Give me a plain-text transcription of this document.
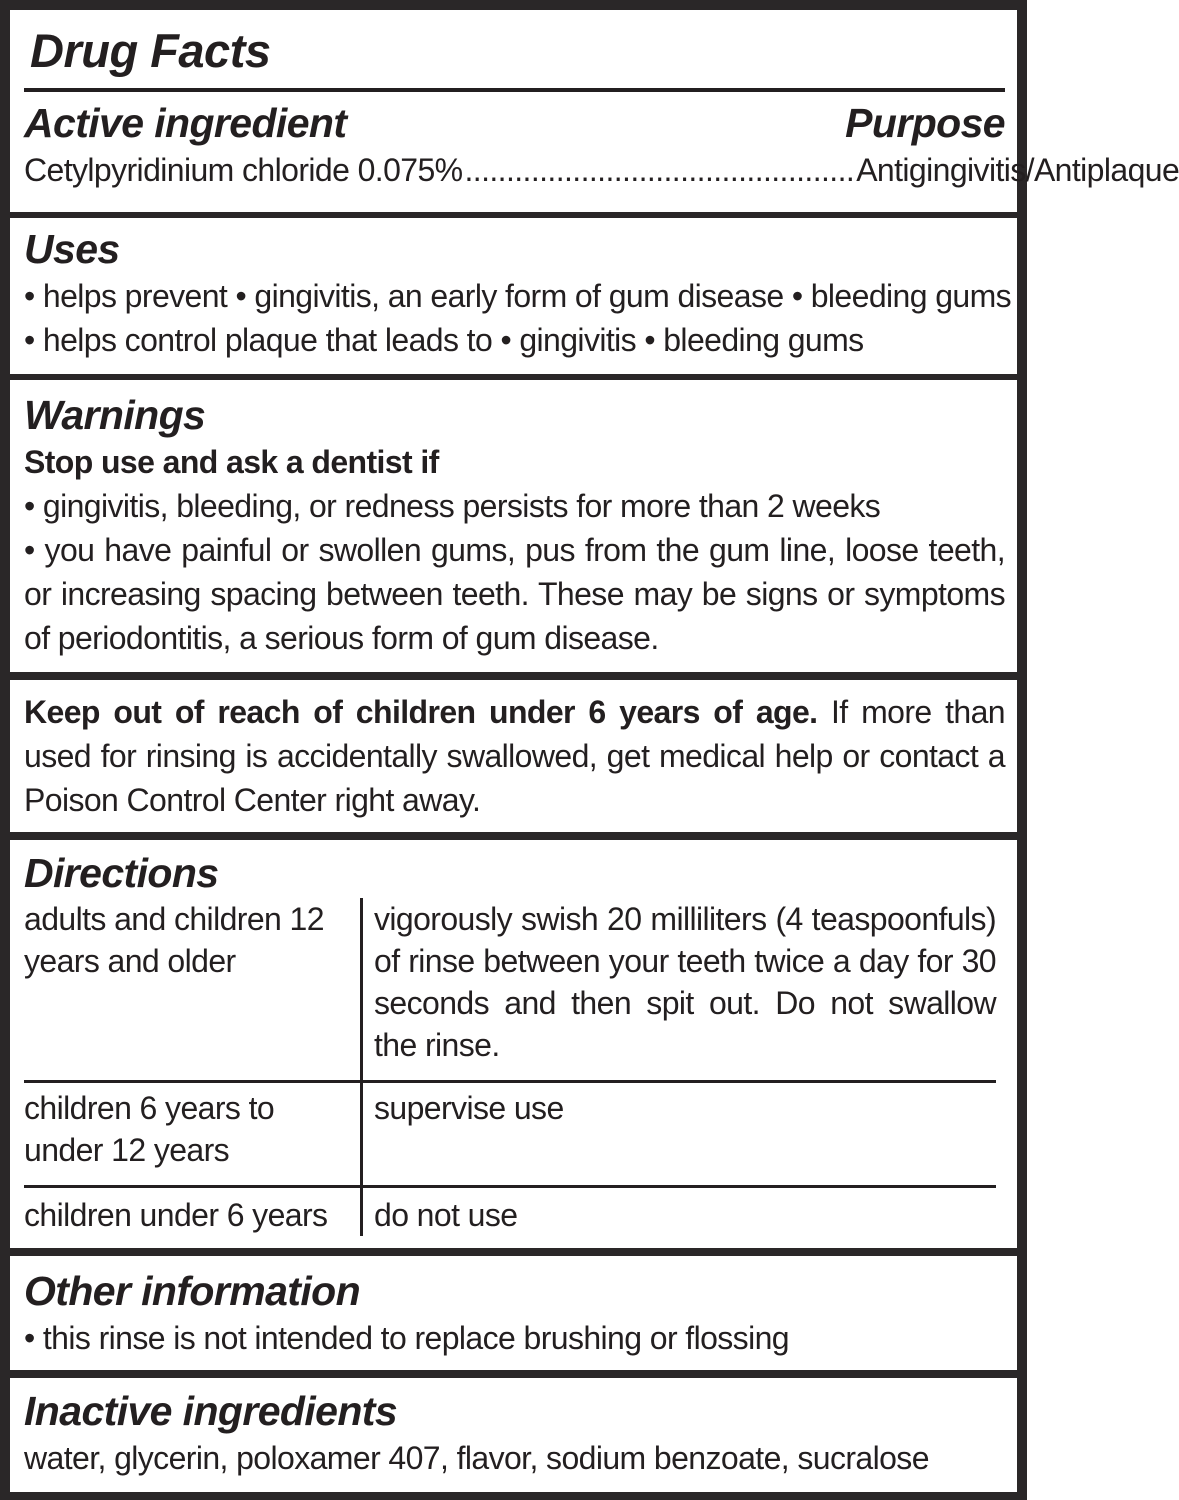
Drug Facts
Active ingredient	Purpose
Cetylpyridinium chloride 0.075% ............................................... Antigingivitis/Antiplaque
Uses
• helps prevent • gingivitis, an early form of gum disease • bleeding gums
• helps control plaque that leads to • gingivitis • bleeding gums
Warnings
Stop use and ask a dentist if
• gingivitis, bleeding, or redness persists for more than 2 weeks
• you have painful or swollen gums, pus from the gum line, loose teeth, or increasing spacing between teeth. These may be signs or symptoms of periodontitis, a serious form of gum disease.
Keep out of reach of children under 6 years of age. If more than used for rinsing is accidentally swallowed, get medical help or contact a Poison Control Center right away.
Directions
adults and children 12 years and older	vigorously swish 20 milliliters (4 teaspoonfuls) of rinse between your teeth twice a day for 30 seconds and then spit out. Do not swallow the rinse.
children 6 years to under 12 years	supervise use
children under 6 years	do not use
Other information
• this rinse is not intended to replace brushing or flossing
Inactive ingredients
water, glycerin, poloxamer 407, flavor, sodium benzoate, sucralose
